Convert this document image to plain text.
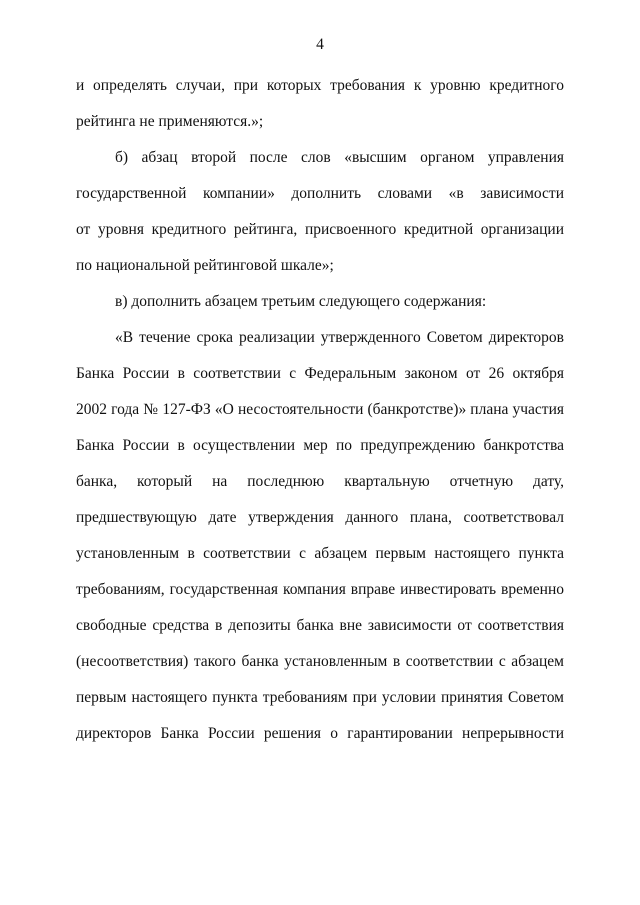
4
и определять случаи, при которых требования к уровню кредитного
рейтинга не применяются.»;
б) абзац второй после слов «высшим органом управления
государственной компании» дополнить словами «в зависимости
от уровня кредитного рейтинга, присвоенного кредитной организации
по национальной рейтинговой шкале»;
в) дополнить абзацем третьим следующего содержания:
«В течение срока реализации утвержденного Советом директоров
Банка России в соответствии с Федеральным законом от 26 октября
2002 года № 127-ФЗ «О несостоятельности (банкротстве)» плана участия
Банка России в осуществлении мер по предупреждению банкротства
банка, который на последнюю квартальную отчетную дату,
предшествующую дате утверждения данного плана, соответствовал
установленным в соответствии с абзацем первым настоящего пункта
требованиям, государственная компания вправе инвестировать временно
свободные средства в депозиты банка вне зависимости от соответствия
(несоответствия) такого банка установленным в соответствии с абзацем
первым настоящего пункта требованиям при условии принятия Советом
директоров Банка России решения о гарантировании непрерывности
